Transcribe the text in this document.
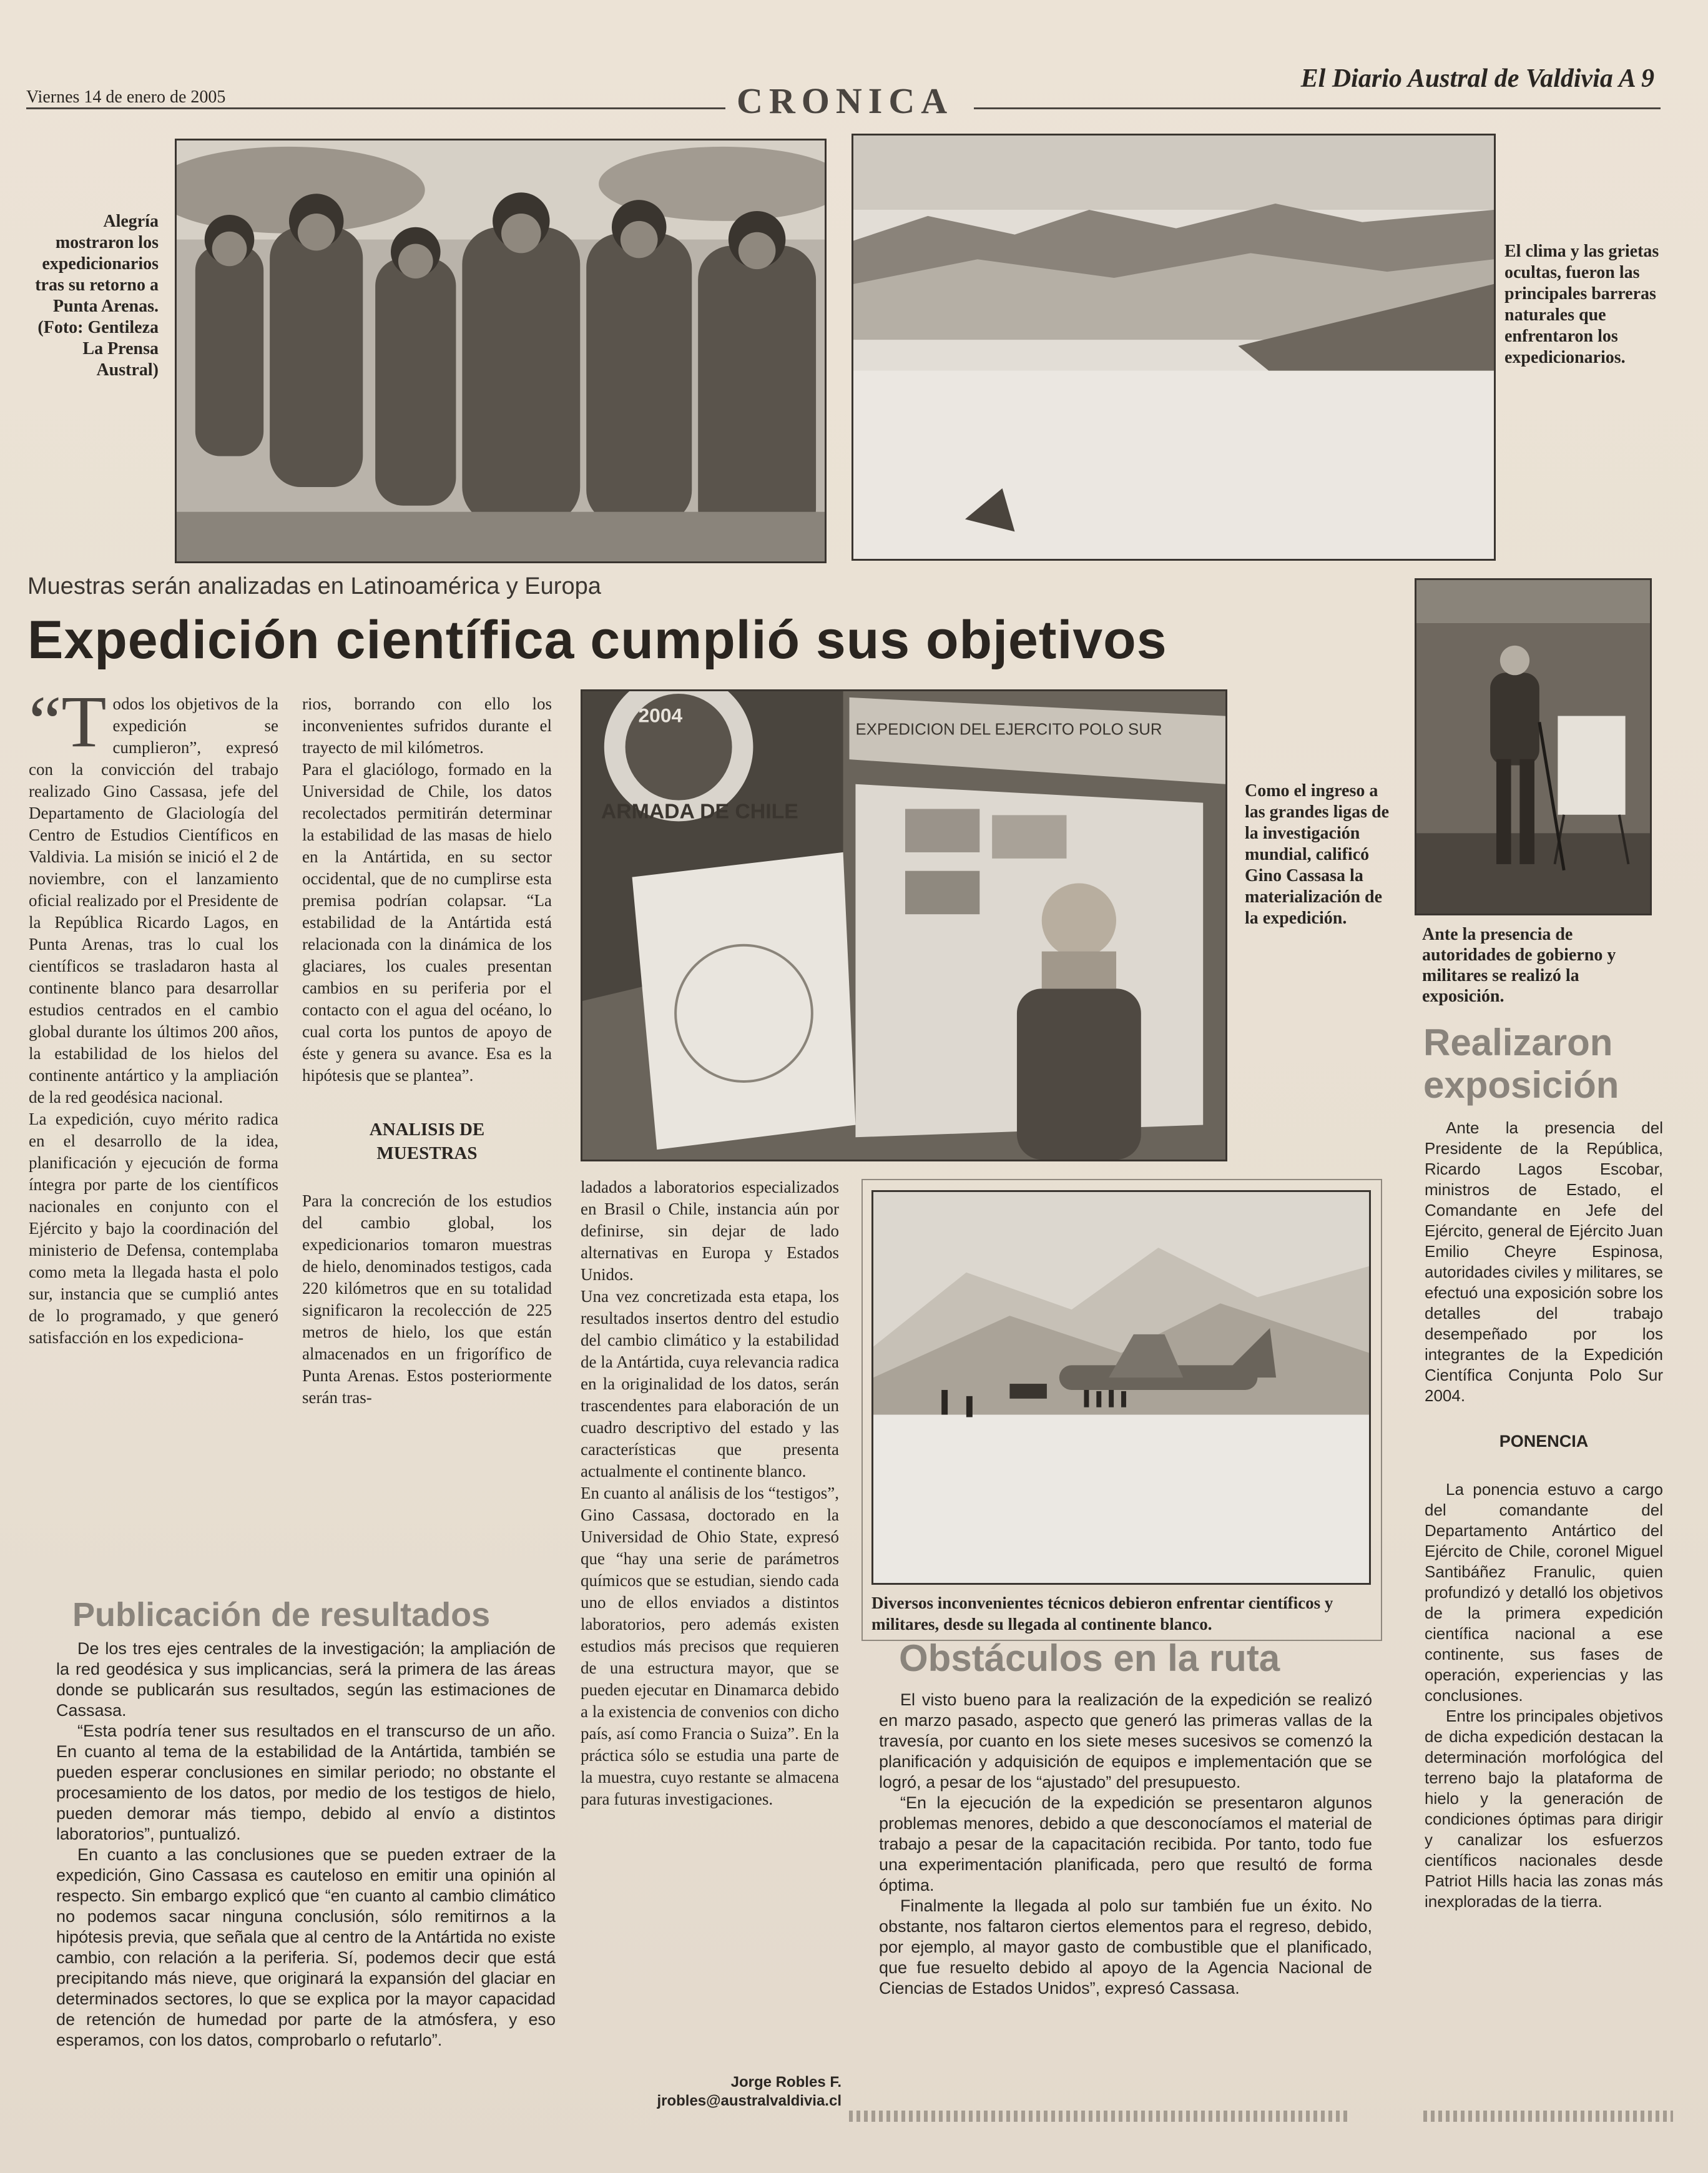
Viernes 14 de enero de 2005	CRONICA
El Diario Austral de Valdivia A 9
Alegría mostraron los expedicionarios tras su retorno a Punta Arenas. (Foto: Gentileza La Prensa Austral)
El clima y las grietas ocultas, fueron las principales barreras naturales que enfrentaron los expedicionarios.
Muestras serán analizadas en Latinoamérica y Europa
Expedición científica cumplió sus objetivos
Ante la presencia de autoridades de gobierno y militares se realizó la exposición.
2004
ARMADA DE CHILE
EXPEDICION DEL EJERCITO POLO SUR
Como el ingreso a las grandes ligas de la investigación mundial, calificó Gino Cassasa la materialización de la expedición.

“Todos los objetivos de la expedición se cumplieron”, expresó con la convicción del trabajo realizado Gino Cassasa, jefe del Departamento de Glaciología del Centro de Estudios Científicos en Valdivia. La misión se inició el 2 de noviembre, con el lanzamiento oficial realizado por el Presidente de la República Ricardo Lagos, en Punta Arenas, tras lo cual los científicos se trasladaron hasta al continente blanco para desarrollar estudios centrados en el cambio global durante los últimos 200 años, la estabilidad de los hielos del continente antártico y la ampliación de la red geodésica nacional.

La expedición, cuyo mérito radica en el desarrollo de la idea, planificación y ejecución de forma íntegra por parte de los científicos nacionales en conjunto con el Ejército y bajo la coordinación del ministerio de Defensa, contemplaba como meta la llegada hasta el polo sur, instancia que se cumplió antes de lo programado, y que generó satisfacción en los expediciona-

rios, borrando con ello los inconvenientes sufridos durante el trayecto de mil kilómetros.

Para el glaciólogo, formado en la Universidad de Chile, los datos recolectados permitirán determinar la estabilidad de las masas de hielo en la Antártida, en su sector occidental, que de no cumplirse esta premisa podrían colapsar. “La estabilidad de la Antártida está relacionada con la dinámica de los glaciares, los cuales presentan cambios en su periferia por el contacto con el agua del océano, lo cual corta los puntos de apoyo de éste y genera su avance. Esa es la hipótesis que se plantea”.

ANALISIS DE MUESTRAS

Para la concreción de los estudios del cambio global, los expedicionarios tomaron muestras de hielo, denominados testigos, cada 220 kilómetros que en su totalidad significaron la recolección de 225 metros de hielo, los que están almacenados en un frigorífico de Punta Arenas. Estos posteriormente serán tras-

ladados a laboratorios especializados en Brasil o Chile, instancia aún por definirse, sin dejar de lado alternativas en Europa y Estados Unidos.

Una vez concretizada esta etapa, los resultados insertos dentro del estudio del cambio climático y la estabilidad de la Antártida, cuya relevancia radica en la originalidad de los datos, serán trascendentes para elaboración de un cuadro descriptivo del estado y las características que presenta actualmente el continente blanco.

En cuanto al análisis de los “testigos”, Gino Cassasa, doctorado en la Universidad de Ohio State, expresó que “hay una serie de parámetros químicos que se estudian, siendo cada uno de ellos enviados a distintos laboratorios, pero además existen estudios más precisos que requieren de una estructura mayor, que se pueden ejecutar en Dinamarca debido a la existencia de convenios con dicho país, así como Francia o Suiza”. En la práctica sólo se estudia una parte de la muestra, cuyo restante se almacena para futuras investigaciones.

Jorge Robles F.
jrobles@australvaldivia.cl
Diversos inconvenientes técnicos debieron enfrentar científicos y militares, desde su llegada al continente blanco.
Publicación de resultados

De los tres ejes centrales de la investigación; la ampliación de la red geodésica y sus implicancias, será la primera de las áreas donde se publicarán sus resultados, según las estimaciones de Cassasa.

“Esta podría tener sus resultados en el transcurso de un año. En cuanto al tema de la estabilidad de la Antártida, también se pueden esperar conclusiones en similar periodo; no obstante el procesamiento de los datos, por medio de los testigos de hielo, pueden demorar más tiempo, debido al envío a distintos laboratorios”, puntualizó.

En cuanto a las conclusiones que se pueden extraer de la expedición, Gino Cassasa es cauteloso en emitir una opinión al respecto. Sin embargo explicó que “en cuanto al cambio climático no podemos sacar ninguna conclusión, sólo remitirnos a la hipótesis previa, que señala que al centro de la Antártida no existe cambio, con relación a la periferia. Sí, podemos decir que está precipitando más nieve, que originará la expansión del glaciar en determinados sectores, lo que se explica por la mayor capacidad de retención de humedad por parte de la atmósfera, y eso esperamos, con los datos, comprobarlo o refutarlo”.

Obstáculos en la ruta

El visto bueno para la realización de la expedición se realizó en marzo pasado, aspecto que generó las primeras vallas de la travesía, por cuanto en los siete meses sucesivos se comenzó la planificación y adquisición de equipos e implementación que se logró, a pesar de los “ajustado” del presupuesto.

“En la ejecución de la expedición se presentaron algunos problemas menores, debido a que desconocíamos el material de trabajo a pesar de la capacitación recibida. Por tanto, todo fue una experimentación planificada, pero que resultó de forma óptima.

Finalmente la llegada al polo sur también fue un éxito. No obstante, nos faltaron ciertos elementos para el regreso, debido, por ejemplo, al mayor gasto de combustible que el planificado, que fue resuelto debido al apoyo de la Agencia Nacional de Ciencias de Estados Unidos”, expresó Cassasa.

Realizaron exposición

Ante la presencia del Presidente de la República, Ricardo Lagos Escobar, ministros de Estado, el Comandante en Jefe del Ejército, general de Ejército Juan Emilio Cheyre Espinosa, autoridades civiles y militares, se efectuó una exposición sobre los detalles del trabajo desempeñado por los integrantes de la Expedición Científica Conjunta Polo Sur 2004.

PONENCIA

La ponencia estuvo a cargo del comandante del Departamento Antártico del Ejército de Chile, coronel Miguel Santibáñez Franulic, quien profundizó y detalló los objetivos de la primera expedición científica nacional a ese continente, sus fases de operación, experiencias y las conclusiones.

Entre los principales objetivos de dicha expedición destacan la determinación morfológica del terreno bajo la plataforma de hielo y la generación de condiciones óptimas para dirigir y canalizar los esfuerzos científicos nacionales desde Patriot Hills hacia las zonas más inexploradas de la tierra.
